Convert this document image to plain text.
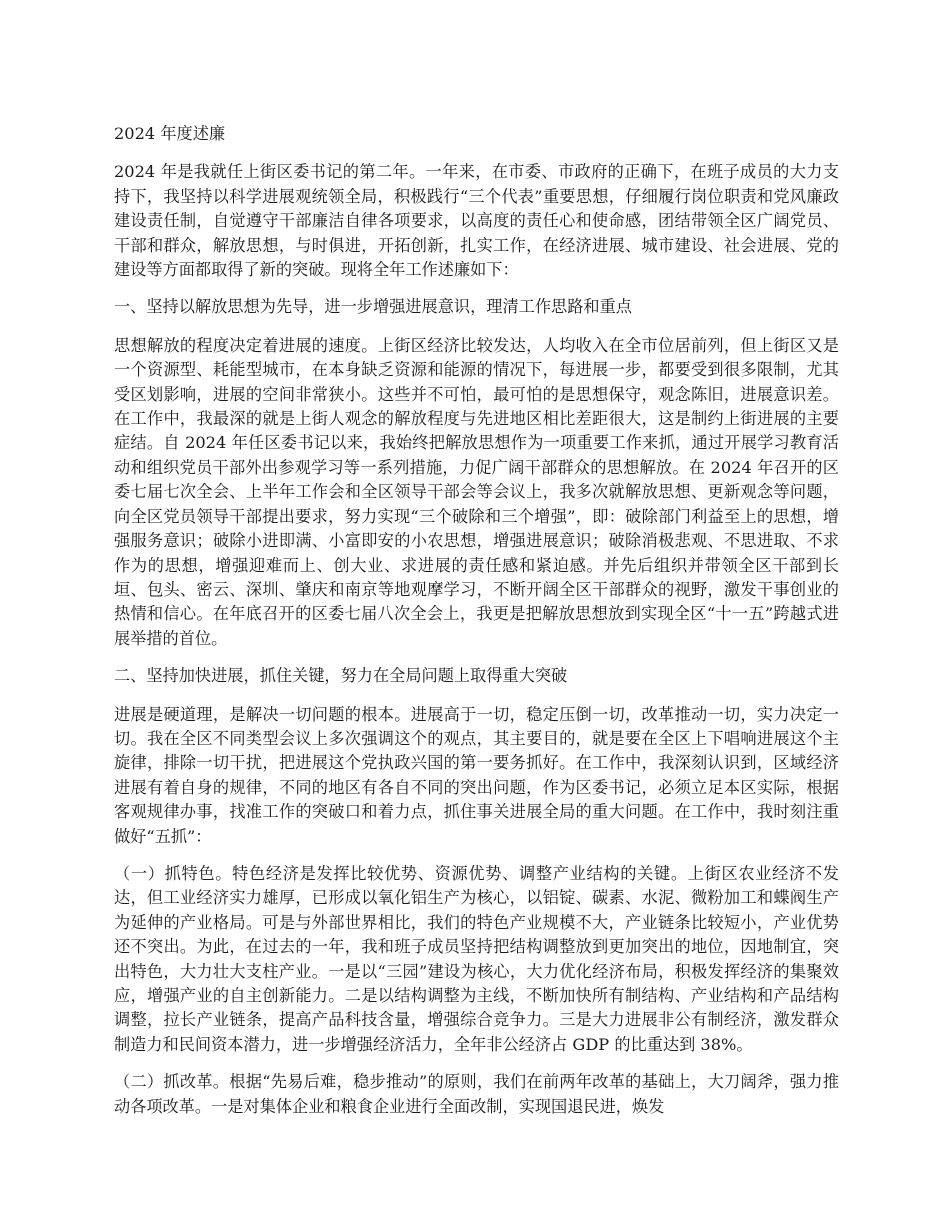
2024 年度述廉

2024 年是我就任上街区委书记的第二年。一年来，在市委、市政府的正确下，在班子成员的大力支持下，我坚持以科学进展观统领全局，积极践行“三个代表”重要思想，仔细履行岗位职责和党风廉政建设责任制，自觉遵守干部廉洁自律各项要求，以高度的责任心和使命感，团结带领全区广阔党员、干部和群众，解放思想，与时俱进，开拓创新，扎实工作，在经济进展、城市建设、社会进展、党的建设等方面都取得了新的突破。现将全年工作述廉如下：

一、坚持以解放思想为先导，进一步增强进展意识，理清工作思路和重点

思想解放的程度决定着进展的速度。上街区经济比较发达，人均收入在全市位居前列，但上街区又是一个资源型、耗能型城市，在本身缺乏资源和能源的情况下，每进展一步，都要受到很多限制，尤其受区划影响，进展的空间非常狭小。这些并不可怕，最可怕的是思想保守，观念陈旧，进展意识差。在工作中，我最深的就是上街人观念的解放程度与先进地区相比差距很大，这是制约上街进展的主要症结。自 2024 年任区委书记以来，我始终把解放思想作为一项重要工作来抓，通过开展学习教育活动和组织党员干部外出参观学习等一系列措施，力促广阔干部群众的思想解放。在 2024 年召开的区委七届七次全会、上半年工作会和全区领导干部会等会议上，我多次就解放思想、更新观念等问题，向全区党员领导干部提出要求，努力实现“三个破除和三个增强”，即：破除部门利益至上的思想，增强服务意识；破除小进即满、小富即安的小农思想，增强进展意识；破除消极悲观、不思进取、不求作为的思想，增强迎难而上、创大业、求进展的责任感和紧迫感。并先后组织并带领全区干部到长垣、包头、密云、深圳、肇庆和南京等地观摩学习，不断开阔全区干部群众的视野，激发干事创业的热情和信心。在年底召开的区委七届八次全会上，我更是把解放思想放到实现全区“十一五”跨越式进展举措的首位。

二、坚持加快进展，抓住关键，努力在全局问题上取得重大突破

进展是硬道理，是解决一切问题的根本。进展高于一切，稳定压倒一切，改革推动一切，实力决定一切。我在全区不同类型会议上多次强调这个的观点，其主要目的，就是要在全区上下唱响进展这个主旋律，排除一切干扰，把进展这个党执政兴国的第一要务抓好。在工作中，我深刻认识到，区域经济进展有着自身的规律，不同的地区有各自不同的突出问题，作为区委书记，必须立足本区实际，根据客观规律办事，找准工作的突破口和着力点，抓住事关进展全局的重大问题。在工作中，我时刻注重做好“五抓”：

（一）抓特色。特色经济是发挥比较优势、资源优势、调整产业结构的关键。上街区农业经济不发达，但工业经济实力雄厚，已形成以氧化铝生产为核心，以铝锭、碳素、水泥、微粉加工和蝶阀生产为延伸的产业格局。可是与外部世界相比，我们的特色产业规模不大，产业链条比较短小，产业优势还不突出。为此，在过去的一年，我和班子成员坚持把结构调整放到更加突出的地位，因地制宜，突出特色，大力壮大支柱产业。一是以“三园”建设为核心，大力优化经济布局，积极发挥经济的集聚效应，增强产业的自主创新能力。二是以结构调整为主线，不断加快所有制结构、产业结构和产品结构调整，拉长产业链条，提高产品科技含量，增强综合竞争力。三是大力进展非公有制经济，激发群众制造力和民间资本潜力，进一步增强经济活力，全年非公经济占 GDP 的比重达到 38%。

（二）抓改革。根据“先易后难，稳步推动”的原则，我们在前两年改革的基础上，大刀阔斧，强力推动各项改革。一是对集体企业和粮食企业进行全面改制，实现国退民进，焕发
